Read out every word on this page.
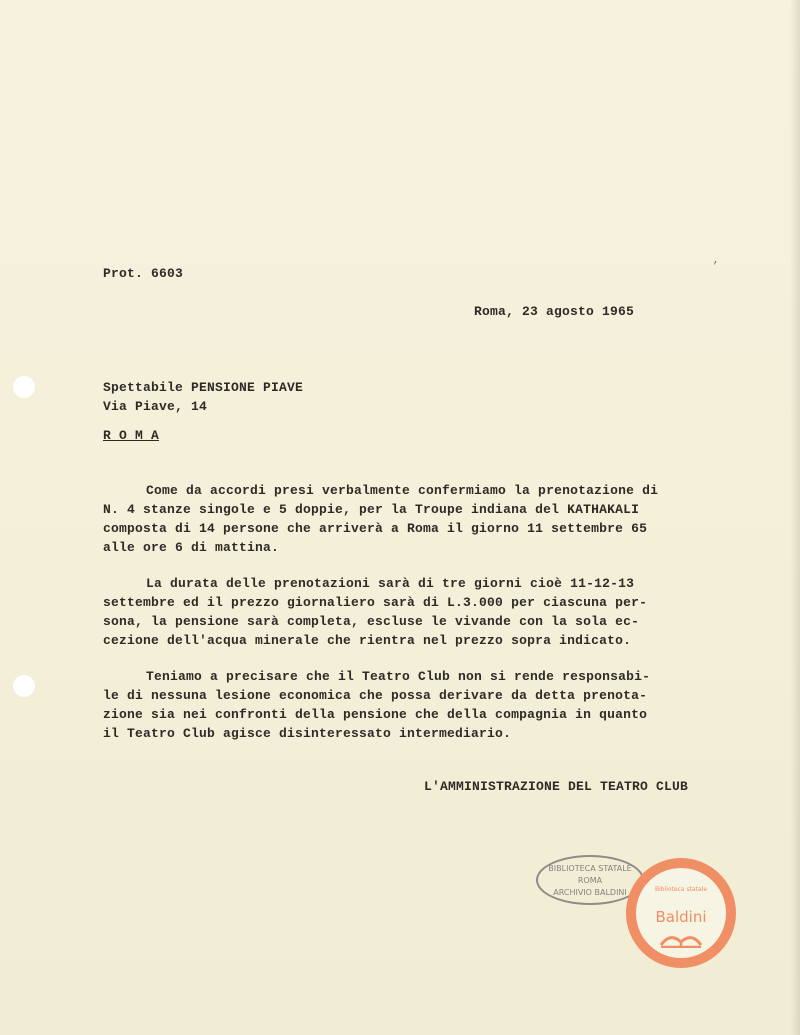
’

Prot. 6603

Roma, 23 agosto 1965

Spettabile PENSIONE PIAVE

Via Piave, 14

R O M A

Come da accordi presi verbalmente confermiamo la prenotazione di

N. 4 stanze singole e 5 doppie, per la Troupe indiana del KATHAKALI

composta di 14 persone che arriverà a Roma il giorno 11 settembre 65

alle ore 6 di mattina.

La durata delle prenotazioni sarà di tre giorni cioè 11-12-13

settembre ed il prezzo giornaliero sarà di L.3.000 per ciascuna per-

sona, la pensione sarà completa, escluse le vivande con la sola ec-

cezione dell'acqua minerale che rientra nel prezzo sopra indicato.

Teniamo a precisare che il Teatro Club non si rende responsabi-

le di nessuna lesione economica che possa derivare da detta prenota-

zione sia nei confronti della pensione che della compagnia in quanto

il Teatro Club agisce disinteressato intermediario.

L'AMMINISTRAZIONE DEL TEATRO CLUB

BIBLIOTECA STATALE
ROMA
ARCHIVIO BALDINI	Biblioteca statale
Baldini
